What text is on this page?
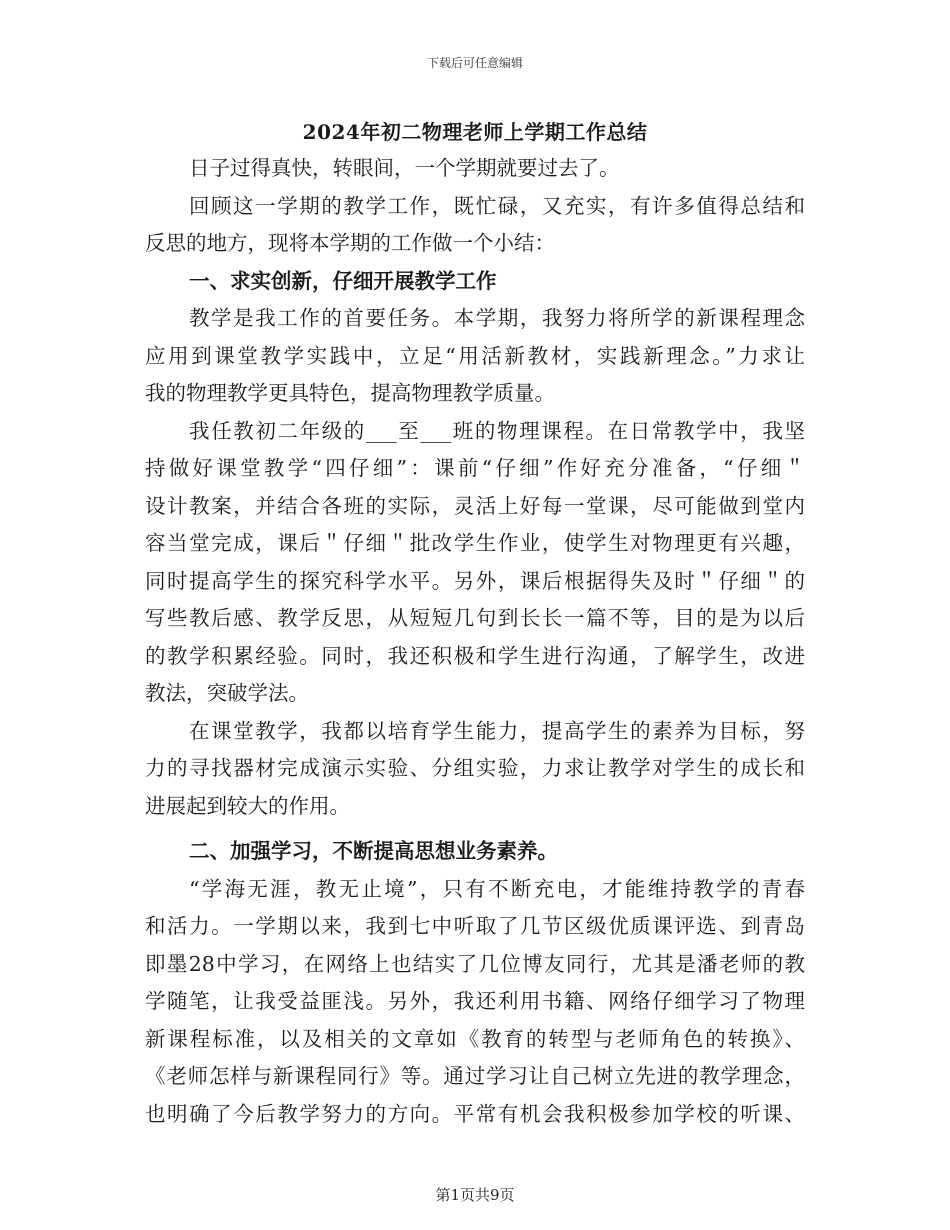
下载后可任意编辑
2024年初二物理老师上学期工作总结
日子过得真快，转眼间，一个学期就要过去了。
回顾这一学期的教学工作，既忙碌，又充实，有许多值得总结和
反思的地方，现将本学期的工作做一个小结：
一、求实创新，仔细开展教学工作
教学是我工作的首要任务。本学期，我努力将所学的新课程理念
应用到课堂教学实践中，立足“用活新教材，实践新理念。”力求让
我的物理教学更具特色，提高物理教学质量。
我任教初二年级的___至___班的物理课程。在日常教学中，我坚
持做好课堂教学“四仔细”：课前“仔细”作好充分准备，“仔细＂
设计教案，并结合各班的实际，灵活上好每一堂课，尽可能做到堂内
容当堂完成，课后＂仔细＂批改学生作业，使学生对物理更有兴趣，
同时提高学生的探究科学水平。另外，课后根据得失及时＂仔细＂的
写些教后感、教学反思，从短短几句到长长一篇不等，目的是为以后
的教学积累经验。同时，我还积极和学生进行沟通，了解学生，改进
教法，突破学法。
在课堂教学，我都以培育学生能力，提高学生的素养为目标，努
力的寻找器材完成演示实验、分组实验，力求让教学对学生的成长和
进展起到较大的作用。
二、加强学习，不断提高思想业务素养。
“学海无涯，教无止境”，只有不断充电，才能维持教学的青春
和活力。一学期以来，我到七中听取了几节区级优质课评选、到青岛
即墨28中学习，在网络上也结实了几位博友同行，尤其是潘老师的教
学随笔，让我受益匪浅。另外，我还利用书籍、网络仔细学习了物理
新课程标准，以及相关的文章如《教育的转型与老师角色的转换》、
《老师怎样与新课程同行》等。通过学习让自己树立先进的教学理念，
也明确了今后教学努力的方向。平常有机会我积极参加学校的听课、
第1页共9页
